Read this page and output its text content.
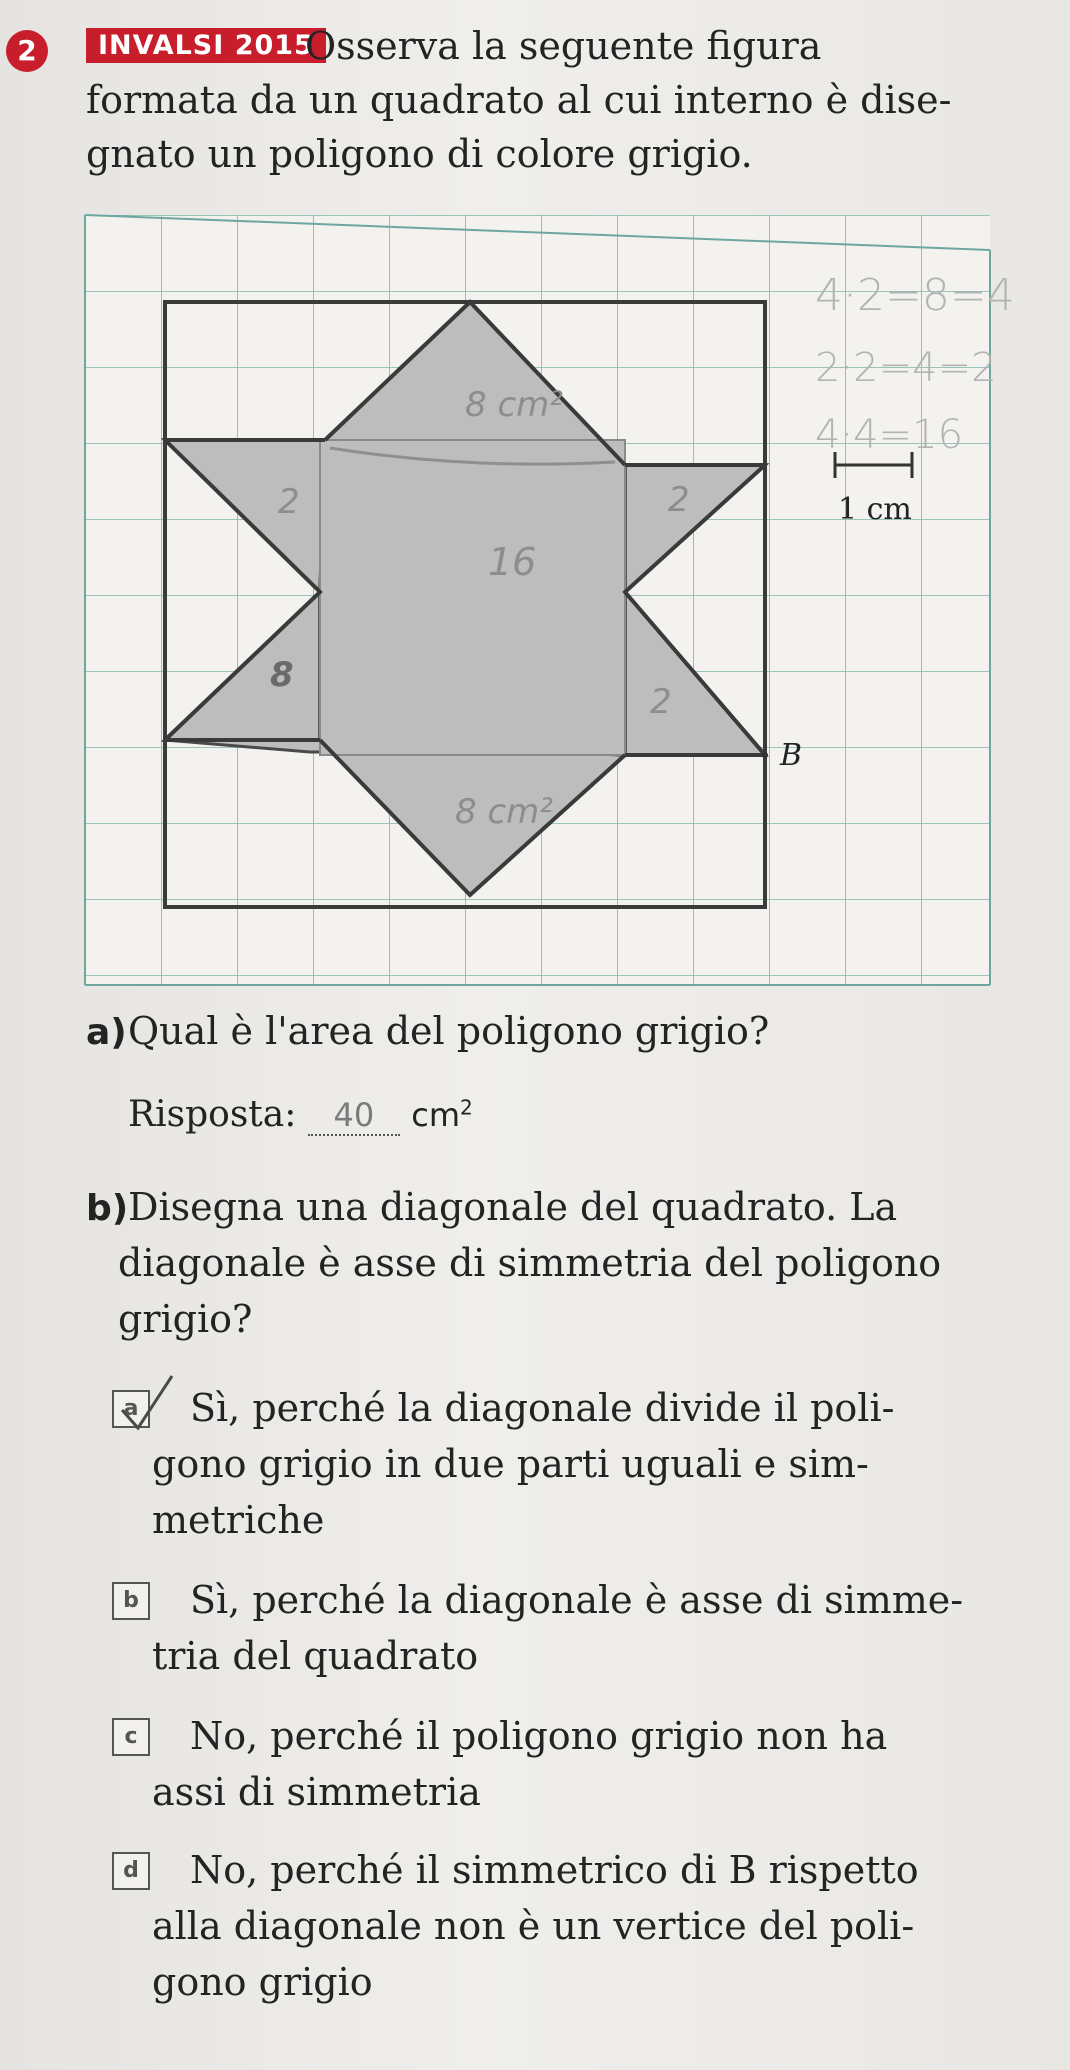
2	INVALSI 2015
Osserva la seguente figura
formata da un quadrato al cui interno è dise-
gnato un poligono di colore grigio.
4·2=8=4
2·2=4=2
4·4=16
8 cm²
2	2
16
8
2
8 cm²
1 cm
B
a) Qual è l'area del poligono grigio?
Risposta: 40 $cm^2$
b) Disegna una diagonale del quadrato. La
diagonale è asse di simmetria del poligono
grigio?
a	Sì, perché la diagonale divide il poli-
gono grigio in due parti uguali e sim-
metriche
b Sì, perché la diagonale è asse di simme-
tria del quadrato
c	No, perché il poligono grigio non ha
assi di simmetria
d No, perché il simmetrico di B rispetto
alla diagonale non è un vertice del poli-
gono grigio
